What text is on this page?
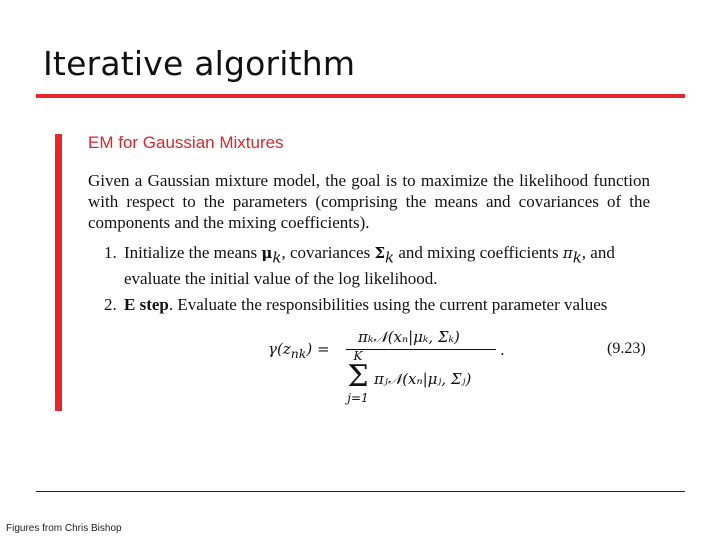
Iterative algorithm
EM for Gaussian Mixtures

Given a Gaussian mixture model, the goal is to maximize the likelihood function with respect to the parameters (comprising the means and covariances of the components and the mixing coefficients).

1. Initialize the means $\mu_k$, covariances $\Sigma_k$ and mixing coefficients $\pi_k$, and evaluate the initial value of the log likelihood.
2. E step. Evaluate the responsibilities using the current parameter values
$\gamma(z_{nk})$ =
πₖ𝒩(xₙ|μₖ, Σₖ)
K
Σ
j=1
πⱼ𝒩(xₙ|μⱼ, Σⱼ)
.	(9.23)

Figures from Chris Bishop
